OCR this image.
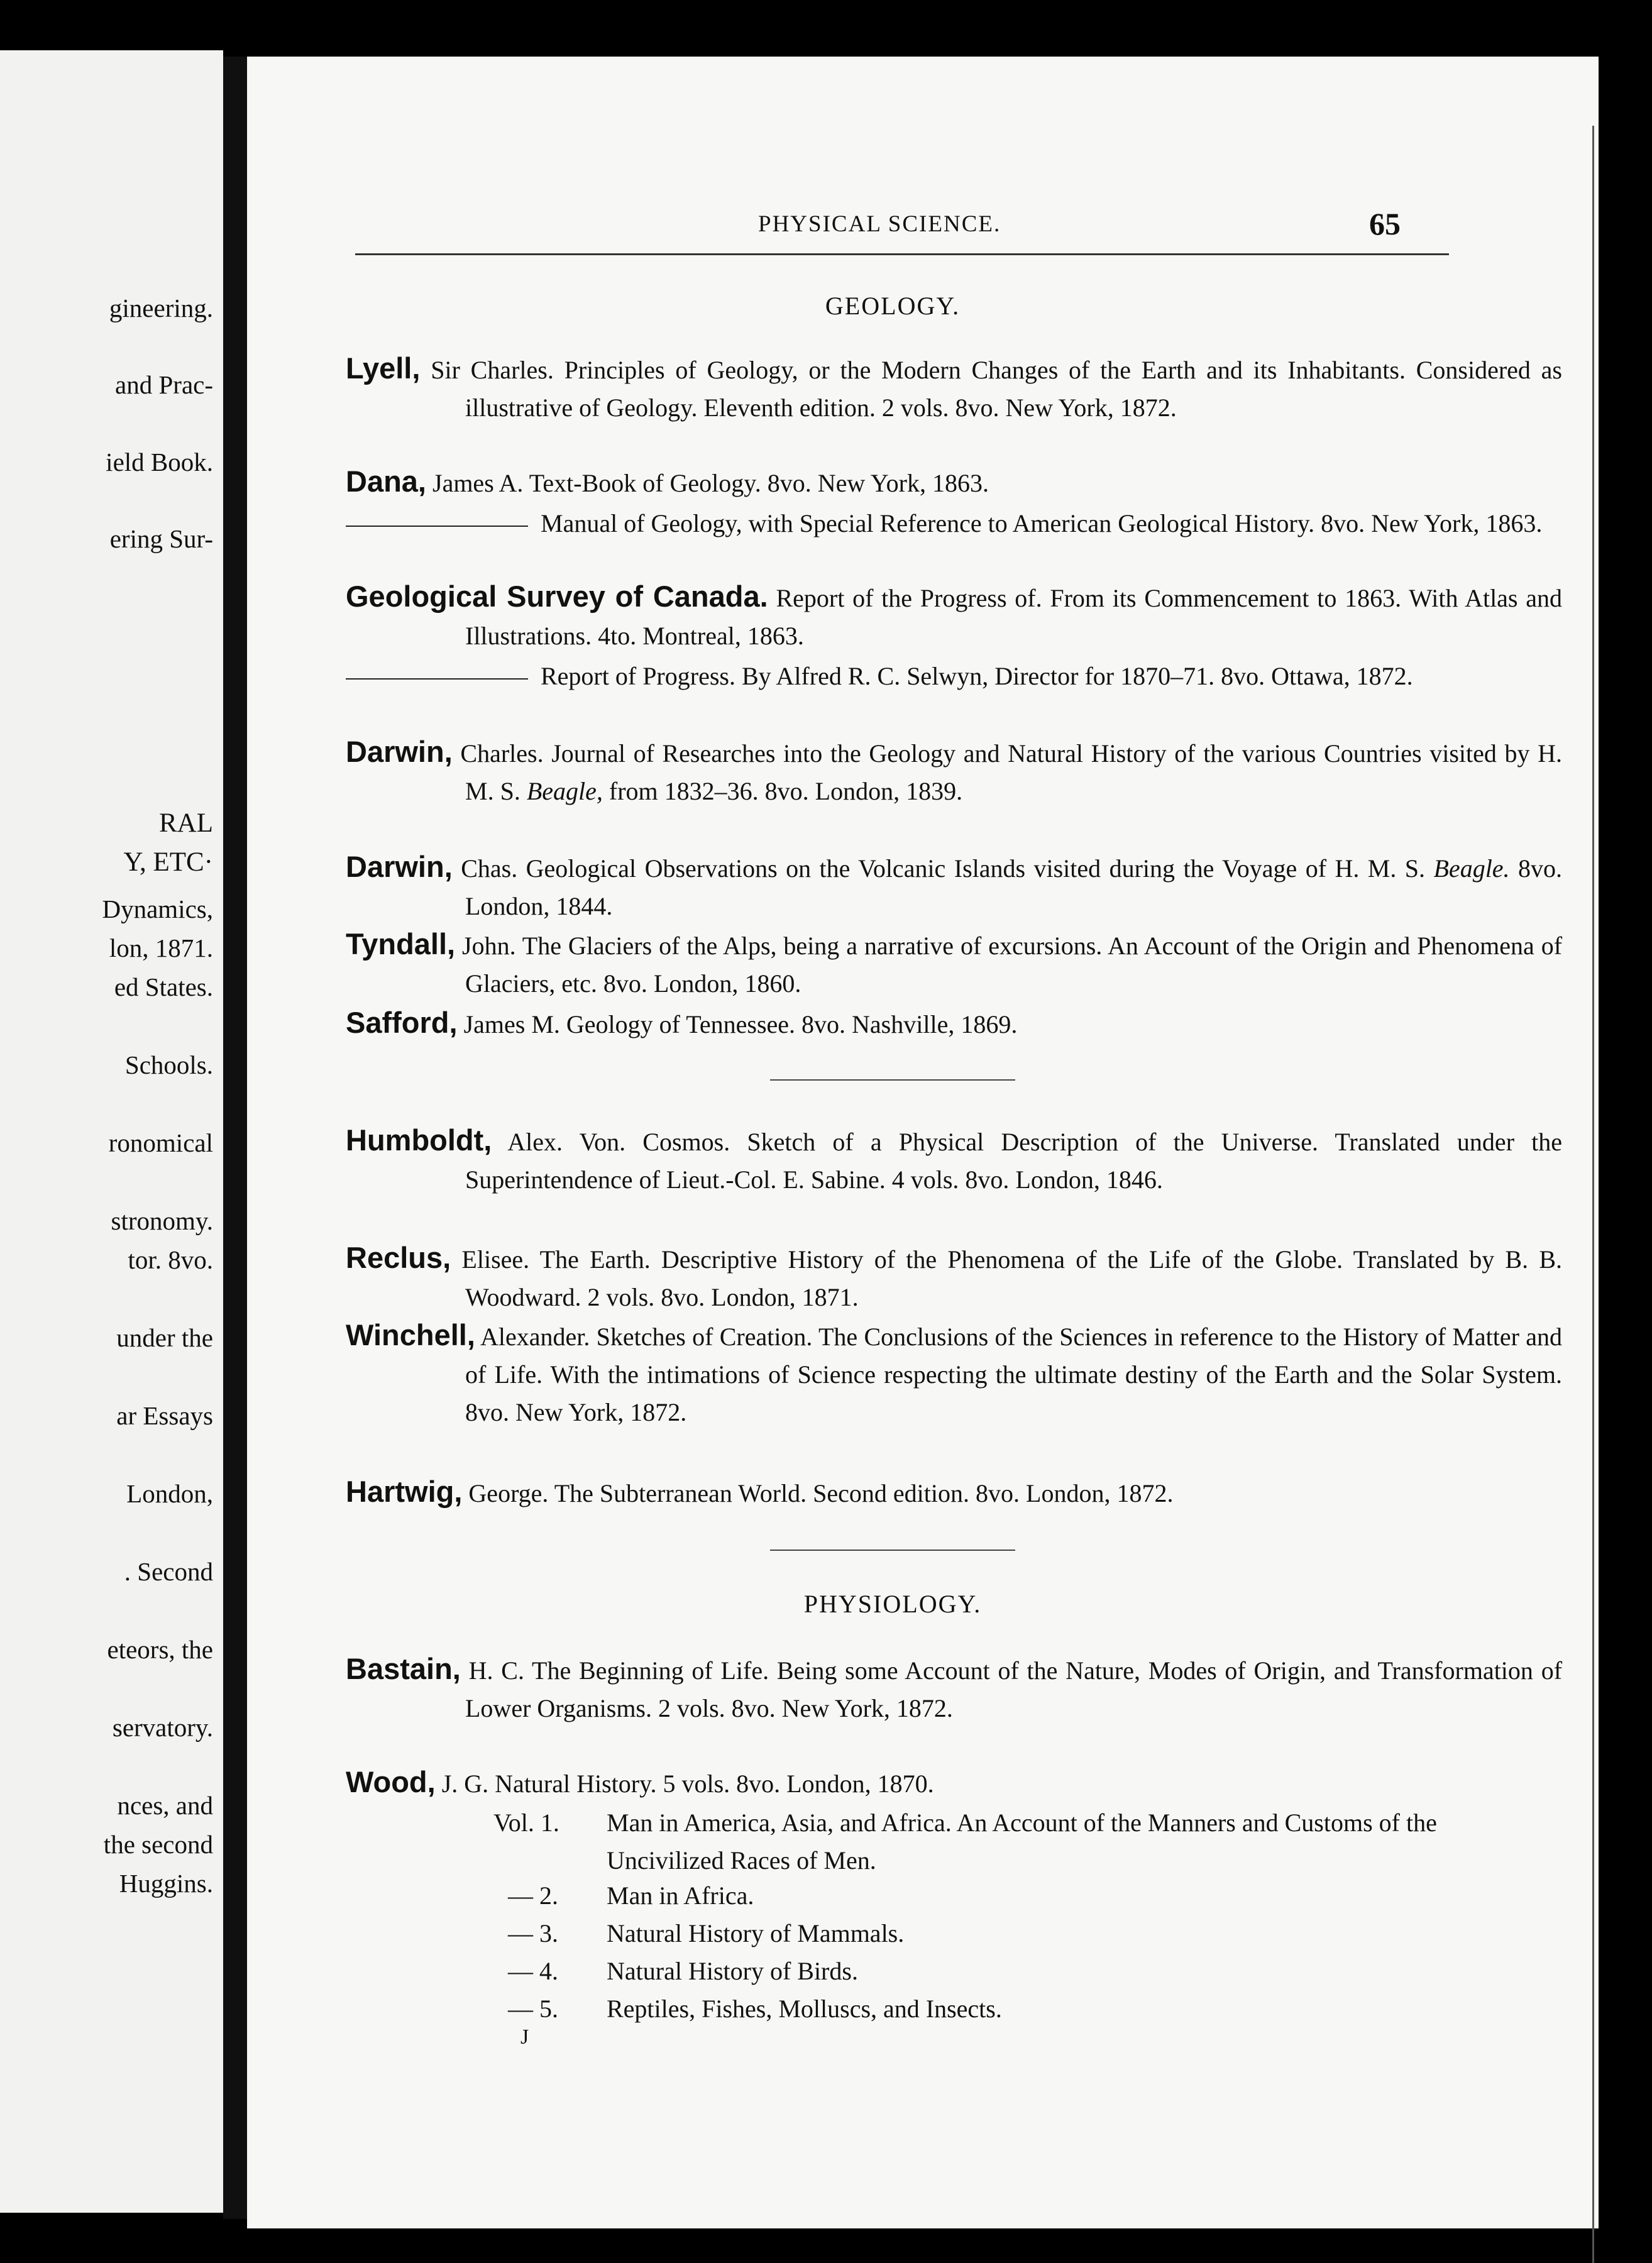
gineering.
and Prac-
ield Book.
ering Sur-
RAL
Y, ETC·
Dynamics,
lon, 1871.
ed States.
Schools.
ronomical
stronomy.
tor. 8vo.
under the
ar Essays
London,
. Second
eteors, the
servatory.
nces, and
the second
Huggins.
PHYSICAL SCIENCE.	65
GEOLOGY.
Lyell, Sir Charles. Principles of Geology, or the Modern Changes of the Earth and its Inhabitants. Considered as illustrative of Geology. Eleventh edition. 2 vols. 8vo. New York, 1872.
Dana, James A. Text-Book of Geology. 8vo. New York, 1863.
Manual of Geology, with Special Reference to American Geological History. 8vo. New York, 1863.
Geological Survey of Canada. Report of the Progress of. From its Commencement to 1863. With Atlas and Illustrations. 4to. Montreal, 1863.
Report of Progress. By Alfred R. C. Selwyn, Director for 1870–71. 8vo. Ottawa, 1872.
Darwin, Charles. Journal of Researches into the Geology and Natural History of the various Countries visited by H. M. S. Beagle, from 1832–36. 8vo. London, 1839.
Darwin, Chas. Geological Observations on the Volcanic Islands visited during the Voyage of H. M. S. Beagle. 8vo. London, 1844.
Tyndall, John. The Glaciers of the Alps, being a narrative of excursions. An Account of the Origin and Phenomena of Glaciers, etc. 8vo. London, 1860.
Safford, James M. Geology of Tennessee. 8vo. Nashville, 1869.
Humboldt, Alex. Von. Cosmos. Sketch of a Physical Description of the Universe. Translated under the Superintendence of Lieut.-Col. E. Sabine. 4 vols. 8vo. London, 1846.
Reclus, Elisee. The Earth. Descriptive History of the Phenomena of the Life of the Globe. Translated by B. B. Woodward. 2 vols. 8vo. London, 1871.
Winchell, Alexander. Sketches of Creation. The Conclusions of the Sciences in reference to the History of Matter and of Life. With the intimations of Science respecting the ultimate destiny of the Earth and the Solar System. 8vo. New York, 1872.
Hartwig, George. The Subterranean World. Second edition. 8vo. London, 1872.
PHYSIOLOGY.
Bastain, H. C. The Beginning of Life. Being some Account of the Nature, Modes of Origin, and Transformation of Lower Organisms. 2 vols. 8vo. New York, 1872.
Wood, J. G. Natural History. 5 vols. 8vo. London, 1870.
Vol. 1.	Man in America, Asia, and Africa. An Account of the Manners and Customs of the Uncivilized Races of Men.
— 2.	Man in Africa.
— 3.	Natural History of Mammals.
— 4.	Natural History of Birds.
— 5.	Reptiles, Fishes, Molluscs, and Insects.
J
